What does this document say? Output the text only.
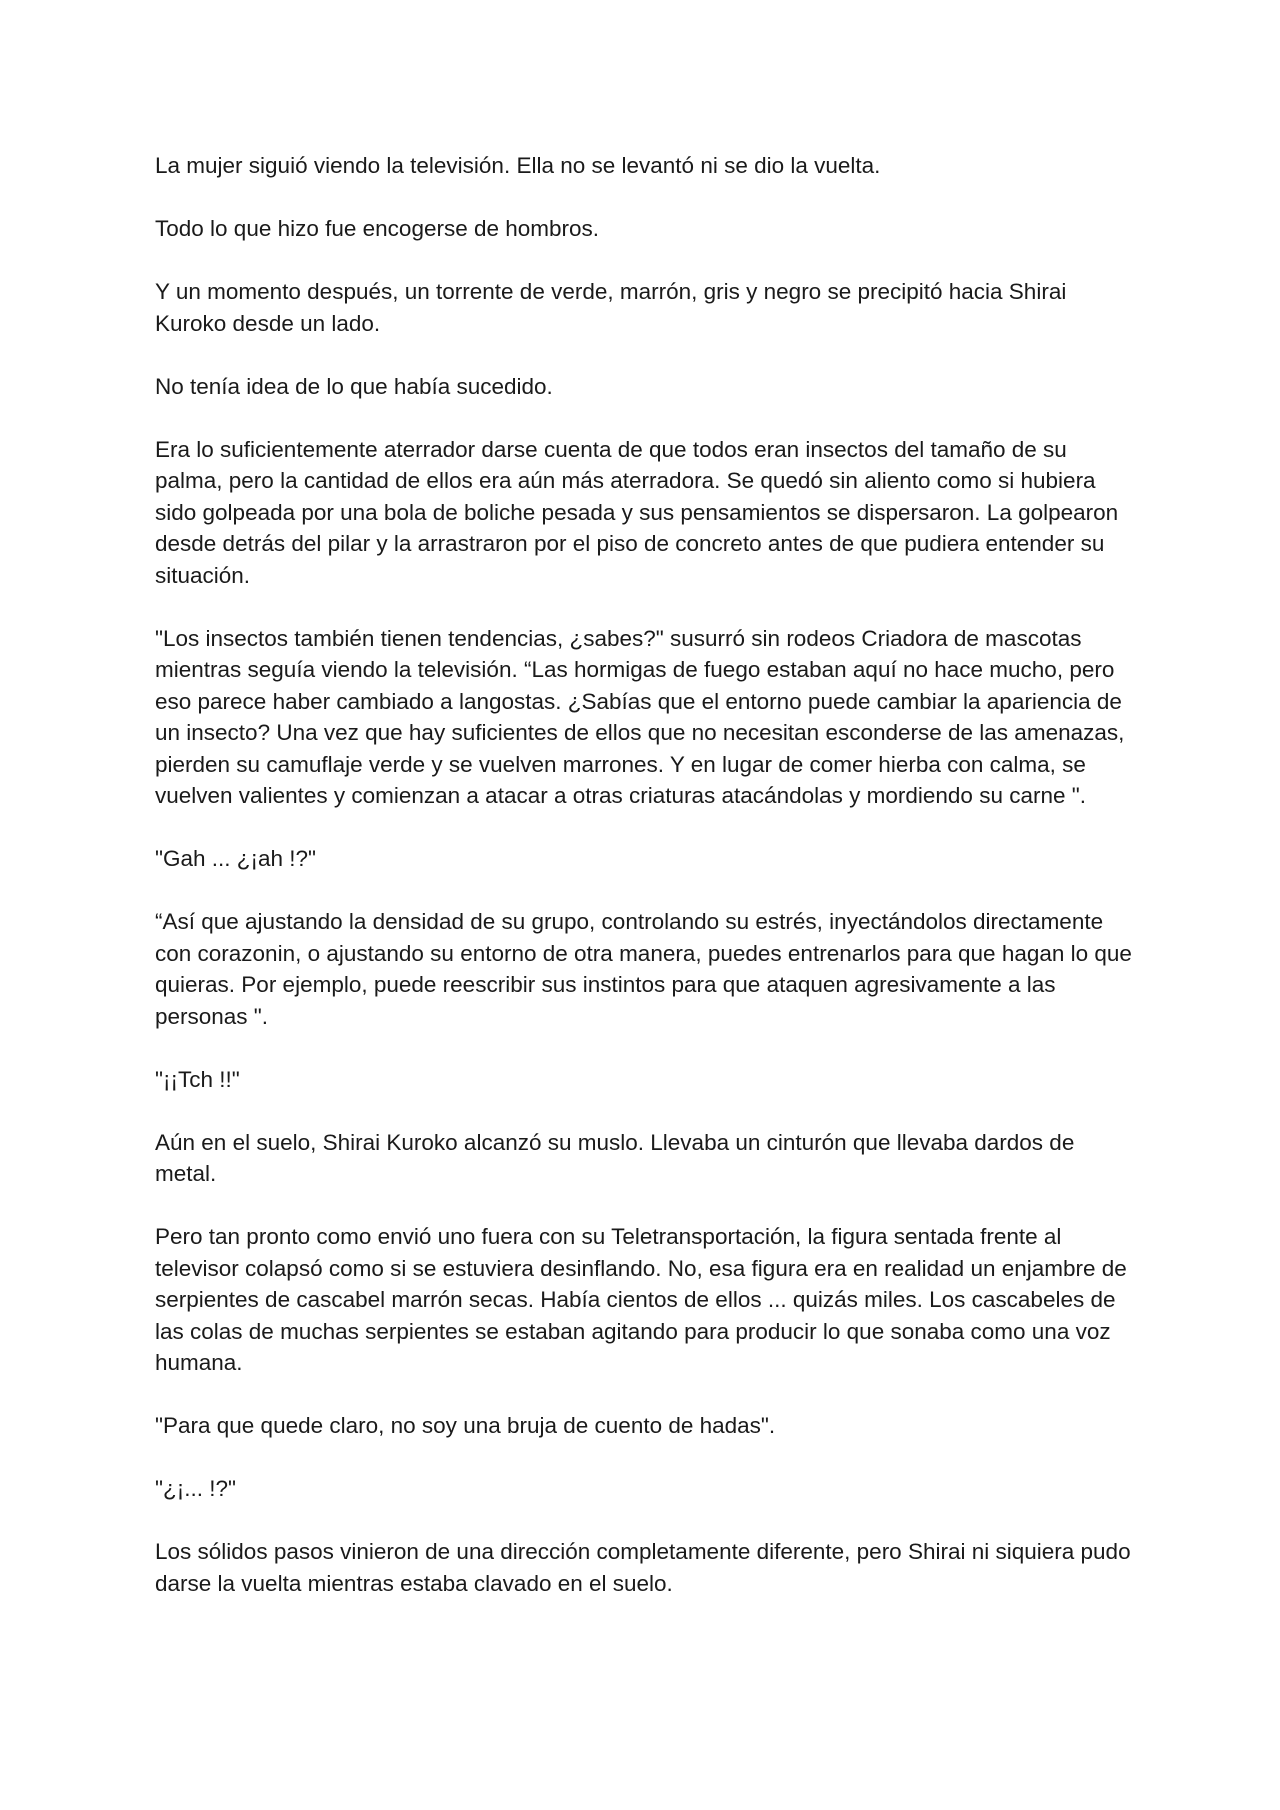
La mujer siguió viendo la televisión. Ella no se levantó ni se dio la vuelta.

Todo lo que hizo fue encogerse de hombros.

Y un momento después, un torrente de verde, marrón, gris y negro se precipitó hacia Shirai Kuroko desde un lado.

No tenía idea de lo que había sucedido.

Era lo suficientemente aterrador darse cuenta de que todos eran insectos del tamaño de su palma, pero la cantidad de ellos era aún más aterradora. Se quedó sin aliento como si hubiera sido golpeada por una bola de boliche pesada y sus pensamientos se dispersaron. La golpearon desde detrás del pilar y la arrastraron por el piso de concreto antes de que pudiera entender su situación.

"Los insectos también tienen tendencias, ¿sabes?" susurró sin rodeos Criadora de mascotas mientras seguía viendo la televisión. “Las hormigas de fuego estaban aquí no hace mucho, pero eso parece haber cambiado a langostas. ¿Sabías que el entorno puede cambiar la apariencia de un insecto? Una vez que hay suficientes de ellos que no necesitan esconderse de las amenazas, pierden su camuflaje verde y se vuelven marrones. Y en lugar de comer hierba con calma, se vuelven valientes y comienzan a atacar a otras criaturas atacándolas y mordiendo su carne ".

"Gah ... ¿¡ah !?"

“Así que ajustando la densidad de su grupo, controlando su estrés, inyectándolos directamente con corazonin, o ajustando su entorno de otra manera, puedes entrenarlos para que hagan lo que quieras. Por ejemplo, puede reescribir sus instintos para que ataquen agresivamente a las personas ".

"¡¡Tch !!"

Aún en el suelo, Shirai Kuroko alcanzó su muslo. Llevaba un cinturón que llevaba dardos de metal.

Pero tan pronto como envió uno fuera con su Teletransportación, la figura sentada frente al televisor colapsó como si se estuviera desinflando. No, esa figura era en realidad un enjambre de serpientes de cascabel marrón secas. Había cientos de ellos ... quizás miles. Los cascabeles de las colas de muchas serpientes se estaban agitando para producir lo que sonaba como una voz humana.

"Para que quede claro, no soy una bruja de cuento de hadas".

"¿¡... !?"

Los sólidos pasos vinieron de una dirección completamente diferente, pero Shirai ni siquiera pudo darse la vuelta mientras estaba clavado en el suelo.
